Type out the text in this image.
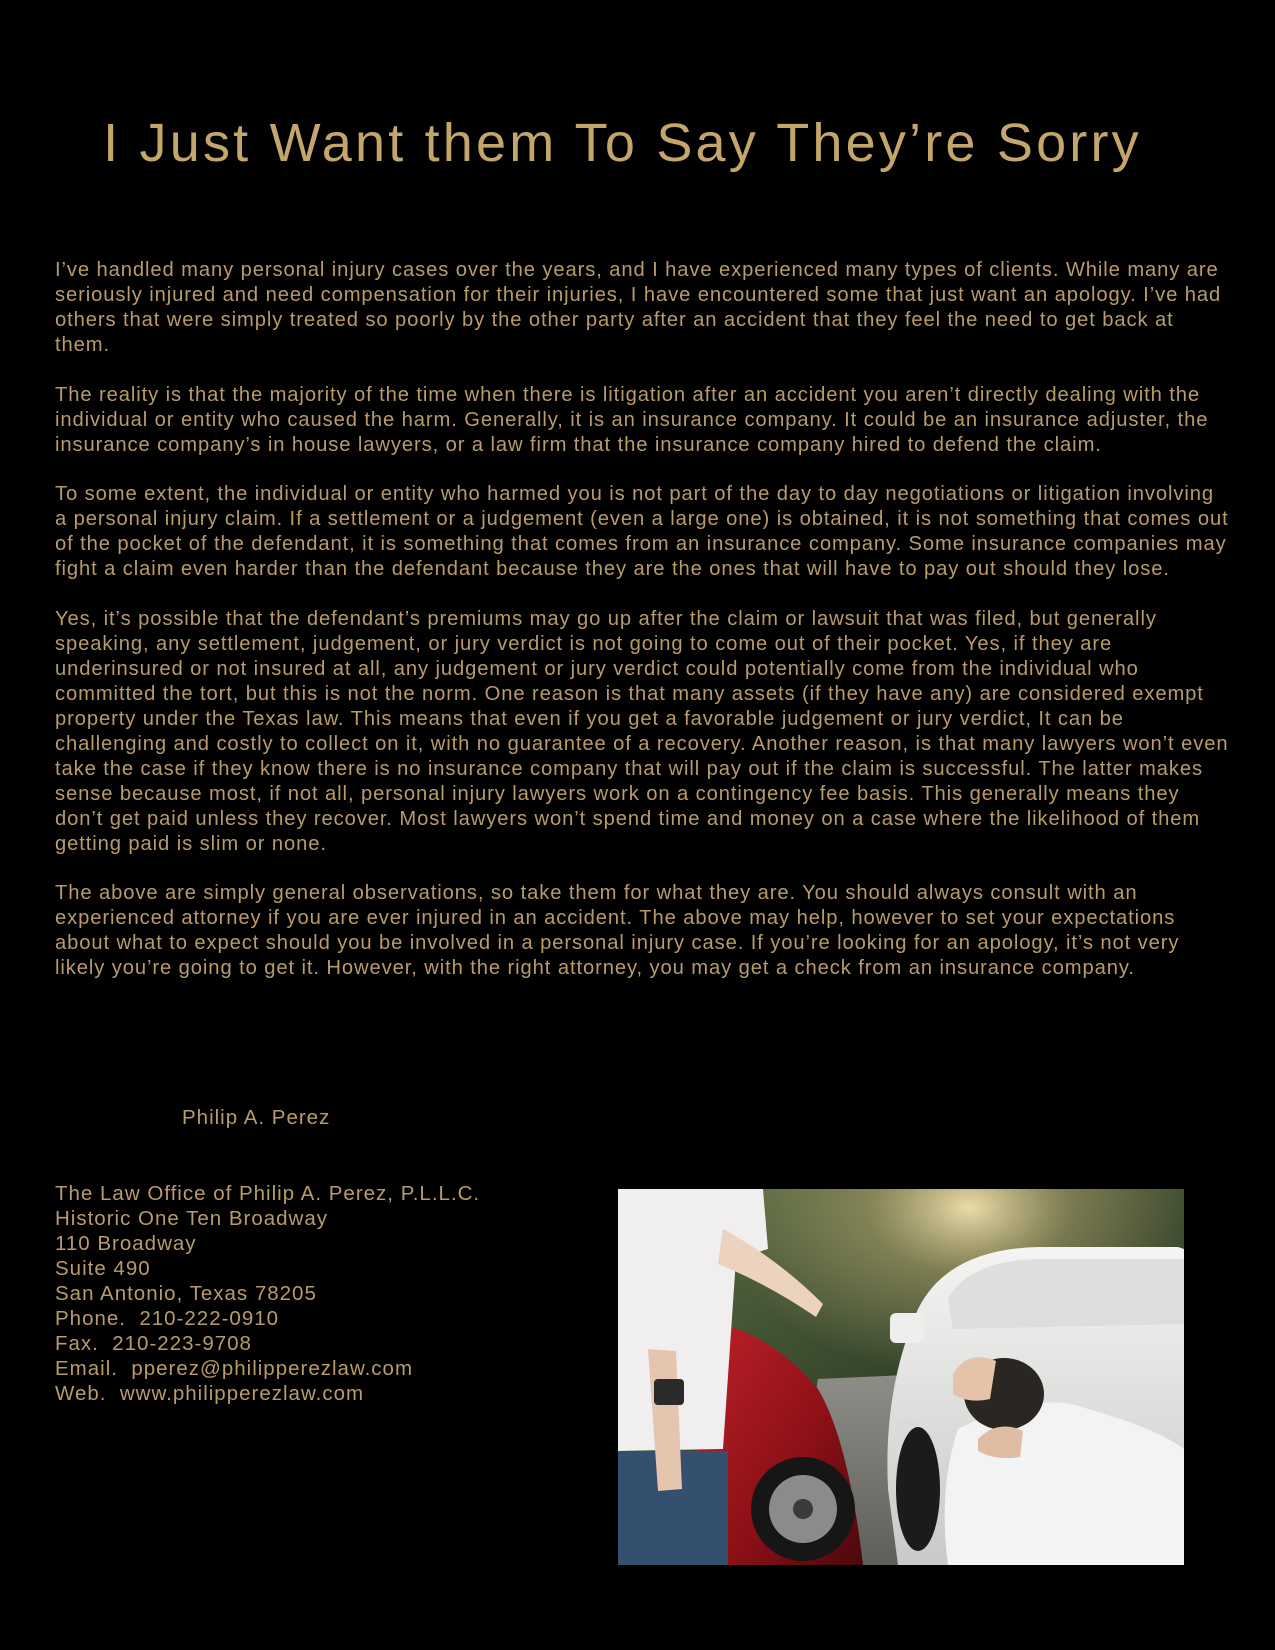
I Just Want them To Say They’re Sorry

I’ve handled many personal injury cases over the years, and I have experienced many types of clients. While many are seriously injured and need compensation for their injuries, I have encountered some that just want an apology. I’ve had others that were simply treated so poorly by the other party after an accident that they feel the need to get back at them.

The reality is that the majority of the time when there is litigation after an accident you aren’t directly dealing with the individual or entity who caused the harm. Generally, it is an insurance company. It could be an insurance adjuster, the insurance company’s in house lawyers, or a law firm that the insurance company hired to defend the claim.

To some extent, the individual or entity who harmed you is not part of the day to day negotiations or litigation involving a personal injury claim. If a settlement or a judgement (even a large one) is obtained, it is not something that comes out of the pocket of the defendant, it is something that comes from an insurance company. Some insurance companies may fight a claim even harder than the defendant because they are the ones that will have to pay out should they lose.

Yes, it’s possible that the defendant’s premiums may go up after the claim or lawsuit that was filed, but generally speaking, any settlement, judgement, or jury verdict is not going to come out of their pocket. Yes, if they are underinsured or not insured at all, any judgement or jury verdict could potentially come from the individual who committed the tort, but this is not the norm. One reason is that many assets (if they have any) are considered exempt property under the Texas law. This means that even if you get a favorable judgement or jury verdict, It can be challenging and costly to collect on it, with no guarantee of a recovery. Another reason, is that many lawyers won’t even take the case if they know there is no insurance company that will pay out if the claim is successful. The latter makes sense because most, if not all, personal injury lawyers work on a contingency fee basis. This generally means they don’t get paid unless they recover. Most lawyers won’t spend time and money on a case where the likelihood of them getting paid is slim or none.

The above are simply general observations, so take them for what they are. You should always consult with an experienced attorney if you are ever injured in an accident. The above may help, however to set your expectations about what to expect should you be involved in a personal injury case. If you’re looking for an apology, it’s not very likely you’re going to get it. However, with the right attorney, you may get a check from an insurance company.

Philip A. Perez
The Law Office of Philip A. Perez, P.L.L.C.
Historic One Ten Broadway
110 Broadway
Suite 490
San Antonio, Texas 78205
Phone.  210-222-0910
Fax.  210-223-9708
Email.  pperez@philipperezlaw.com
Web.  www.philipperezlaw.com
